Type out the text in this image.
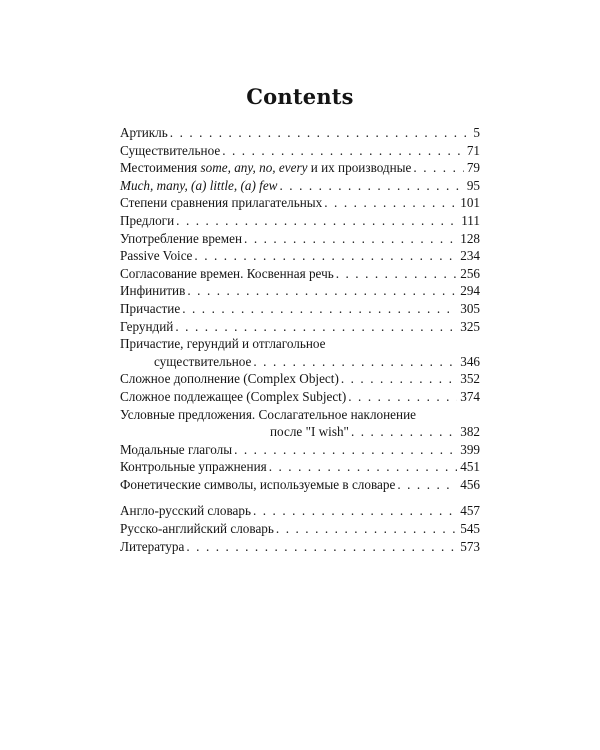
Contents
Артикль . . .	5
Существительное . . .	71
Местоимения some, any, no, every и их производные . . .	79
Much, many, (a) little, (a) few . . .	95
Степени сравнения прилагательных . . .	101
Предлоги . . .	111
Употребление времен . . .	128
Passive Voice . . .	234
Согласование времен. Косвенная речь . . .	256
Инфинитив . . .	294
Причастие . . .	305
Герундий . . .	325
Причастие, герундий и отглагольное
существительное . . .	346
Сложное дополнение (Complex Object) . . .	352
Сложное подлежащее (Complex Subject) . . .	374
Условные предложения. Сослагательное наклонение
после "I wish" . . .	382
Модальные глаголы . . .	399
Контрольные упражнения . . .	451
Фонетические символы, используемые в словаре . . .	456
Англо-русский словарь . . .	457
Русско-английский словарь . . .	545
Литература . . .	573
